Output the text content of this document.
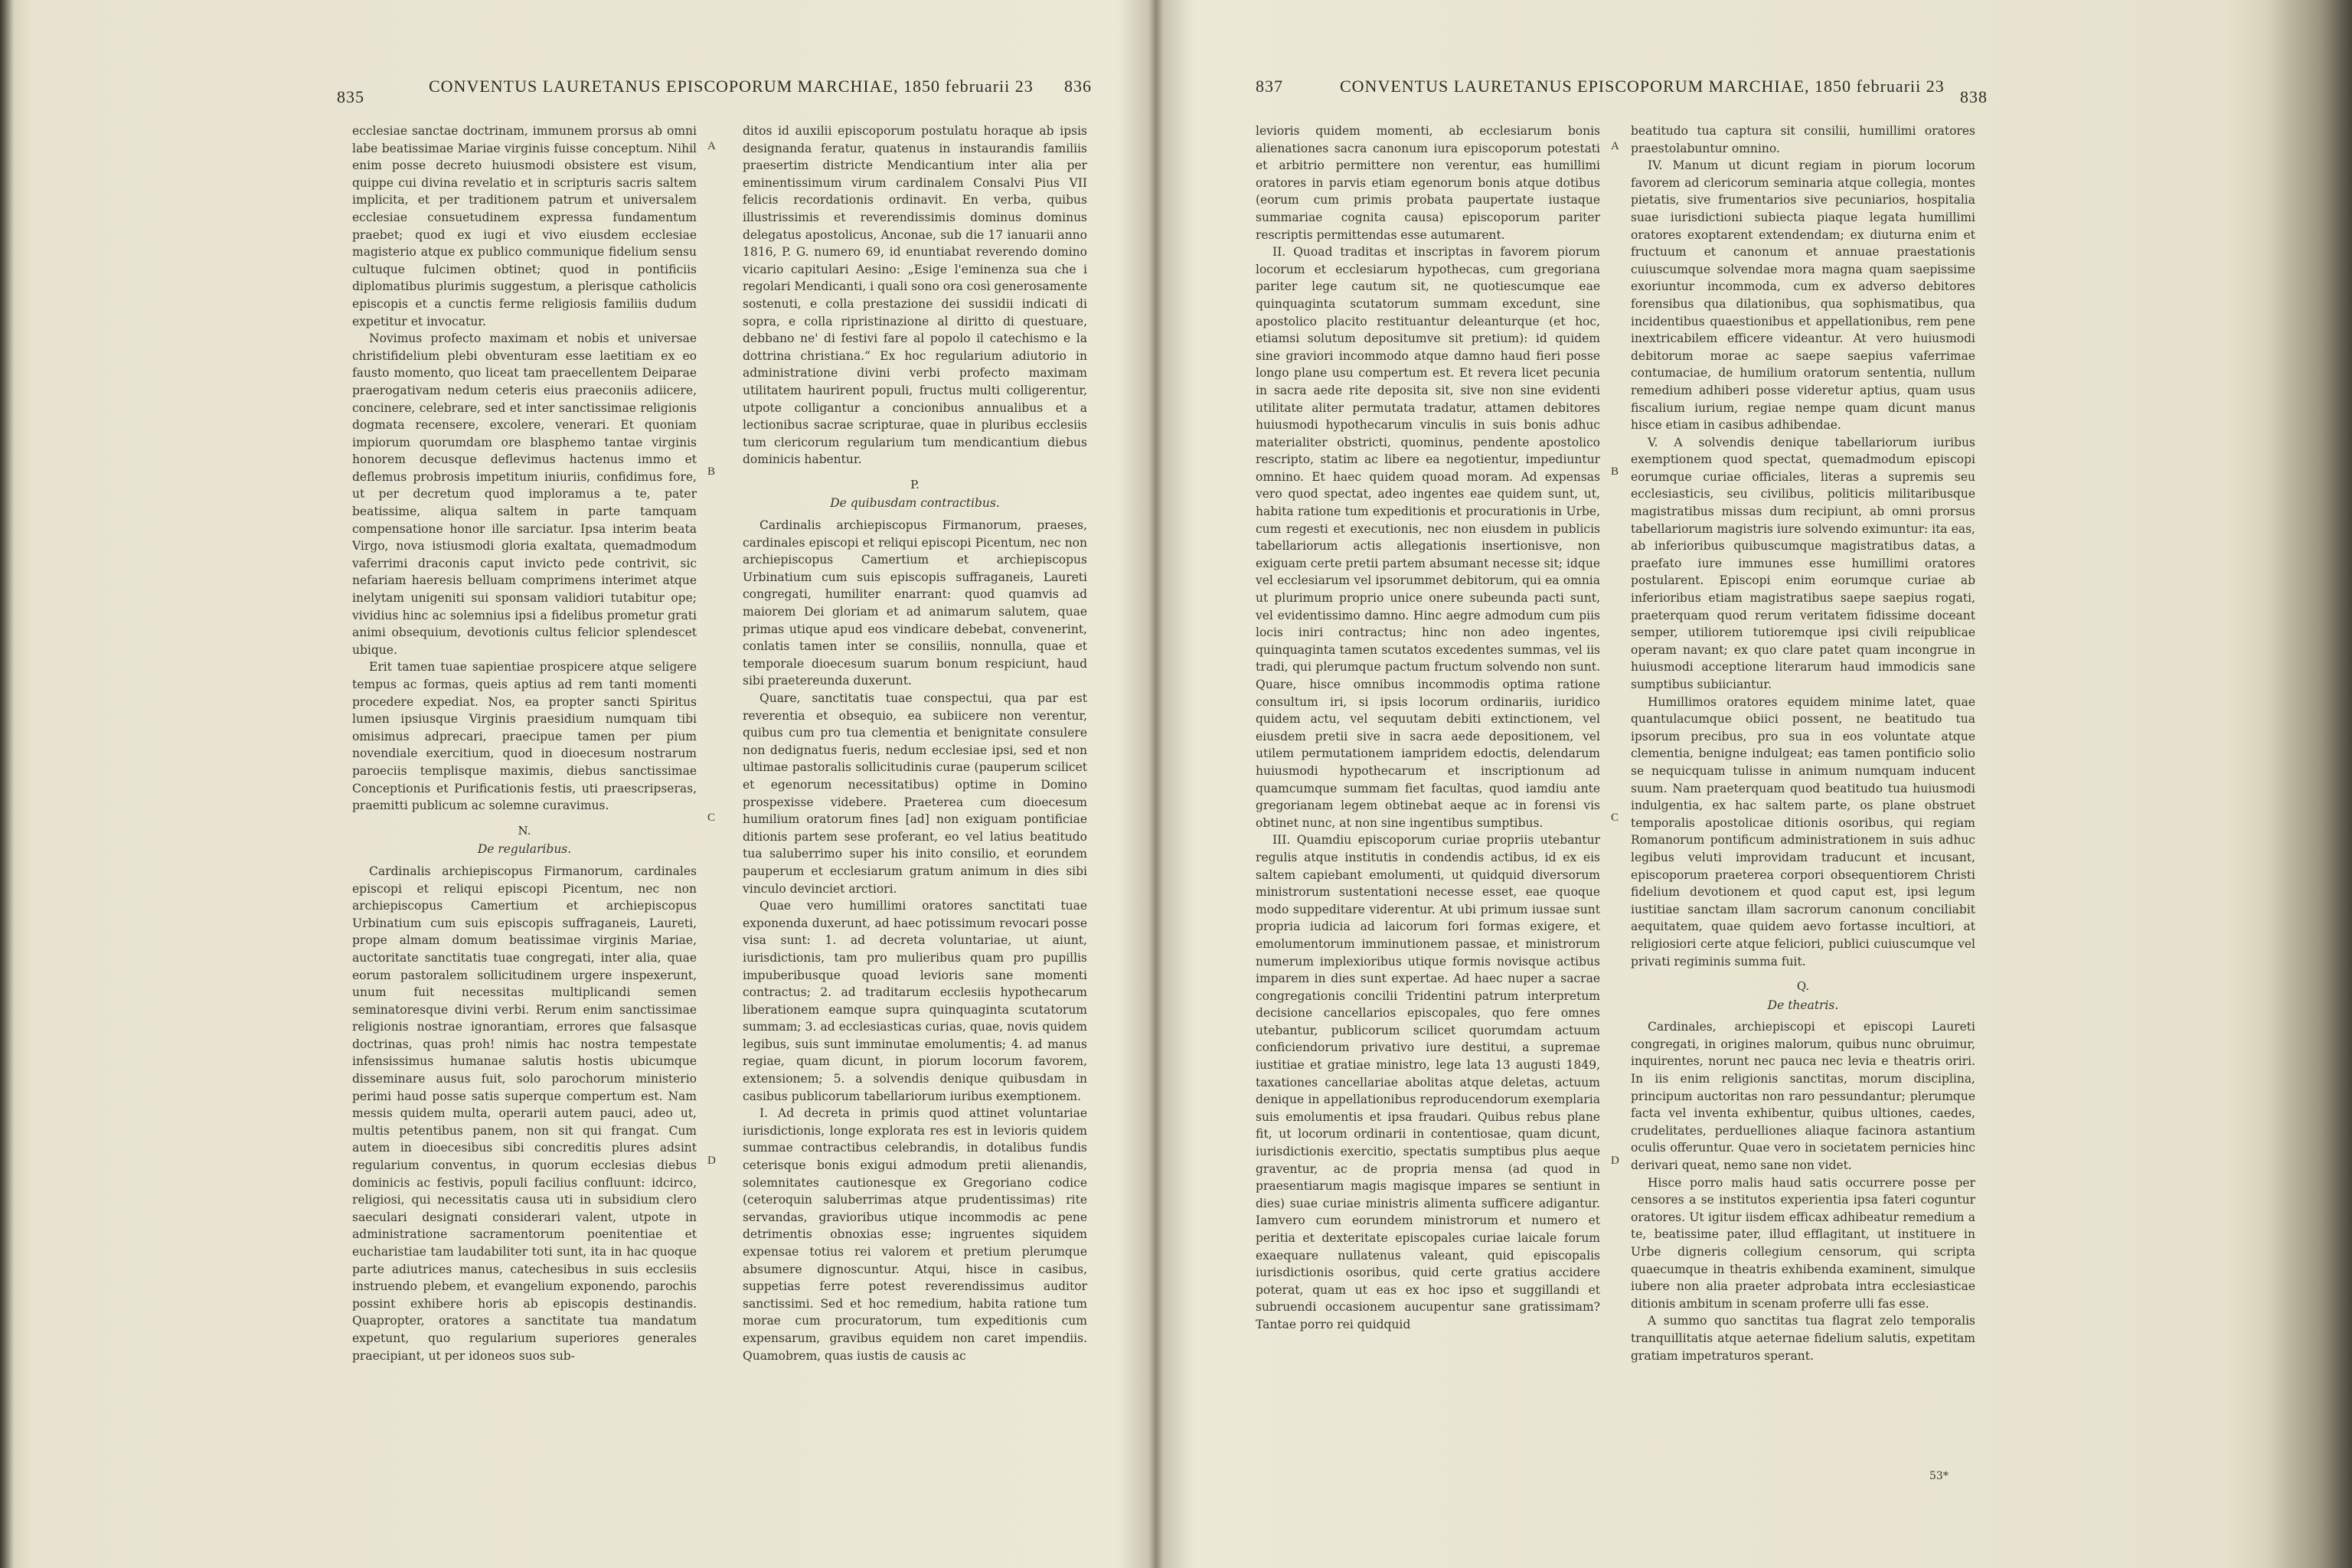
835
CONVENTUS LAURETANUS EPISCOPORUM MARCHIAE, 1850 februarii 23 836

ecclesiae sanctae doctrinam, immunem prorsus ab omni labe beatissimae Mariae virginis fuisse conceptum. Nihil enim posse decreto huiusmodi obsistere est visum, quippe cui divina revelatio et in scripturis sacris saltem implicita, et per traditionem patrum et universalem ecclesiae consuetudinem expressa fundamentum praebet; quod ex iugi et vivo eiusdem ecclesiae magisterio atque ex publico communique fidelium sensu cultuque fulcimen obtinet; quod in pontificiis diplomatibus plurimis suggestum, a plerisque catholicis episcopis et a cunctis ferme religiosis familiis dudum expetitur et invocatur.

Novimus profecto maximam et nobis et universae christifidelium plebi obventuram esse laetitiam ex eo fausto momento, quo liceat tam praecellentem Deiparae praerogativam nedum ceteris eius praeconiis adiicere, concinere, celebrare, sed et inter sanctissimae religionis dogmata recensere, excolere, venerari. Et quoniam impiorum quorumdam ore blasphemo tantae virginis honorem decusque deflevimus hactenus immo et deflemus probrosis impetitum iniuriis, confidimus fore, ut per decretum quod imploramus a te, pater beatissime, aliqua saltem in parte tamquam compensatione honor ille sarciatur. Ipsa interim beata Virgo, nova istiusmodi gloria exaltata, quemadmodum vaferrimi draconis caput invicto pede contrivit, sic nefariam haeresis belluam comprimens interimet atque inelytam unigeniti sui sponsam validiori tutabitur ope; vividius hinc ac solemnius ipsi a fidelibus prometur grati animi obsequium, devotionis cultus felicior splendescet ubique.

Erit tamen tuae sapientiae prospicere atque seligere tempus ac formas, queis aptius ad rem tanti momenti procedere expediat. Nos, ea propter sancti Spiritus lumen ipsiusque Virginis praesidium numquam tibi omisimus adprecari, praecipue tamen per pium novendiale exercitium, quod in dioecesum nostrarum paroeciis templisque maximis, diebus sanctissimae Conceptionis et Purificationis festis, uti praescripseras, praemitti publicum ac solemne curavimus.

N.
De regularibus.

Cardinalis archiepiscopus Firmanorum, cardinales episcopi et reliqui episcopi Picentum, nec non archiepiscopus Camertium et archiepiscopus Urbinatium cum suis episcopis suffraganeis, Laureti, prope almam domum beatissimae virginis Mariae, auctoritate sanctitatis tuae congregati, inter alia, quae eorum pastoralem sollicitudinem urgere inspexerunt, unum fuit necessitas multiplicandi semen seminatoresque divini verbi. Rerum enim sanctissimae religionis nostrae ignorantiam, errores que falsasque doctrinas, quas proh! nimis hac nostra tempestate infensissimus humanae salutis hostis ubicumque disseminare ausus fuit, solo parochorum ministerio perimi haud posse satis superque compertum est. Nam messis quidem multa, operarii autem pauci, adeo ut, multis petentibus panem, non sit qui frangat. Cum autem in dioecesibus sibi concreditis plures adsint regularium conventus, in quorum ecclesias diebus dominicis ac festivis, populi facilius confluunt: idcirco, religiosi, qui necessitatis causa uti in subsidium clero saeculari designati considerari valent, utpote in administratione sacramentorum poenitentiae et eucharistiae tam laudabiliter toti sunt, ita in hac quoque parte adiutrices manus, catechesibus in suis ecclesiis instruendo plebem, et evangelium exponendo, parochis possint exhibere horis ab episcopis destinandis. Quapropter, oratores a sanctitate tua mandatum expetunt, quo regularium superiores generales praecipiant, ut per idoneos suos sub-

ditos id auxilii episcoporum postulatu horaque ab ipsis designanda feratur, quatenus in instaurandis familiis praesertim districte Mendicantium inter alia per eminentissimum virum cardinalem Consalvi Pius VII felicis recordationis ordinavit. En verba, quibus illustrissimis et reverendissimis dominus dominus delegatus apostolicus, Anconae, sub die 17 ianuarii anno 1816, P. G. numero 69, id enuntiabat reverendo domino vicario capitulari Aesino: „Esige l'eminenza sua che i regolari Mendicanti, i quali sono ora così generosamente sostenuti, e colla prestazione dei sussidii indicati di sopra, e colla ripristinazione al diritto di questuare, debbano ne' di festivi fare al popolo il catechismo e la dottrina christiana.“ Ex hoc regularium adiutorio in administratione divini verbi profecto maximam utilitatem haurirent populi, fructus multi colligerentur, utpote colligantur a concionibus annualibus et a lectionibus sacrae scripturae, quae in pluribus ecclesiis tum clericorum regularium tum mendicantium diebus dominicis habentur.

P.
De quibusdam contractibus.

Cardinalis archiepiscopus Firmanorum, praeses, cardinales episcopi et reliqui episcopi Picentum, nec non archiepiscopus Camertium et archiepiscopus Urbinatium cum suis episcopis suffraganeis, Laureti congregati, humiliter enarrant: quod quamvis ad maiorem Dei gloriam et ad animarum salutem, quae primas utique apud eos vindicare debebat, convenerint, conlatis tamen inter se consiliis, nonnulla, quae et temporale dioecesum suarum bonum respiciunt, haud sibi praetereunda duxerunt.

Quare, sanctitatis tuae conspectui, qua par est reverentia et obsequio, ea subiicere non verentur, quibus cum pro tua clementia et benignitate consulere non dedignatus fueris, nedum ecclesiae ipsi, sed et non ultimae pastoralis sollicitudinis curae (pauperum scilicet et egenorum necessitatibus) optime in Domino prospexisse videbere. Praeterea cum dioecesum humilium oratorum fines [ad] non exiguam pontificiae ditionis partem sese proferant, eo vel latius beatitudo tua saluberrimo super his inito consilio, et eorundem pauperum et ecclesiarum gratum animum in dies sibi vinculo devinciet arctiori.

Quae vero humillimi oratores sanctitati tuae exponenda duxerunt, ad haec potissimum revocari posse visa sunt: 1. ad decreta voluntariae, ut aiunt, iurisdictionis, tam pro mulieribus quam pro pupillis impuberibusque quoad levioris sane momenti contractus; 2. ad traditarum ecclesiis hypothecarum liberationem eamque supra quinquaginta scutatorum summam; 3. ad ecclesiasticas curias, quae, novis quidem legibus, suis sunt imminutae emolumentis; 4. ad manus regiae, quam dicunt, in piorum locorum favorem, extensionem; 5. a solvendis denique quibusdam in casibus publicorum tabellariorum iuribus exemptionem.

I. Ad decreta in primis quod attinet voluntariae iurisdictionis, longe explorata res est in levioris quidem summae contractibus celebrandis, in dotalibus fundis ceterisque bonis exigui admodum pretii alienandis, solemnitates cautionesque ex Gregoriano codice (ceteroquin saluberrimas atque prudentissimas) rite servandas, gravioribus utique incommodis ac pene detrimentis obnoxias esse; ingruentes siquidem expensae totius rei valorem et pretium plerumque absumere dignoscuntur. Atqui, hisce in casibus, suppetias ferre potest reverendissimus auditor sanctissimi. Sed et hoc remedium, habita ratione tum morae cum procuratorum, tum expeditionis cum expensarum, gravibus equidem non caret impendiis. Quamobrem, quas iustis de causis ac

A
B
C
D
837	CONVENTUS LAURETANUS EPISCOPORUM MARCHIAE, 1850 februarii 23
838

levioris quidem momenti, ab ecclesiarum bonis alienationes sacra canonum iura episcoporum potestati et arbitrio permittere non verentur, eas humillimi oratores in parvis etiam egenorum bonis atque dotibus (eorum cum primis probata paupertate iustaque summariae cognita causa) episcoporum pariter rescriptis permittendas esse autumarent.

II. Quoad traditas et inscriptas in favorem piorum locorum et ecclesiarum hypothecas, cum gregoriana pariter lege cautum sit, ne quotiescumque eae quinquaginta scutatorum summam excedunt, sine apostolico placito restituantur deleanturque (et hoc, etiamsi solutum depositumve sit pretium): id quidem sine graviori incommodo atque damno haud fieri posse longo plane usu compertum est. Et revera licet pecunia in sacra aede rite deposita sit, sive non sine evidenti utilitate aliter permutata tradatur, attamen debitores huiusmodi hypothecarum vinculis in suis bonis adhuc materialiter obstricti, quominus, pendente apostolico rescripto, statim ac libere ea negotientur, impediuntur omnino. Et haec quidem quoad moram. Ad expensas vero quod spectat, adeo ingentes eae quidem sunt, ut, habita ratione tum expeditionis et procurationis in Urbe, cum regesti et executionis, nec non eiusdem in publicis tabellariorum actis allegationis insertionisve, non exiguam certe pretii partem absumant necesse sit; idque vel ecclesiarum vel ipsorummet debitorum, qui ea omnia ut plurimum proprio unice onere subeunda pacti sunt, vel evidentissimo damno. Hinc aegre admodum cum piis locis iniri contractus; hinc non adeo ingentes, quinquaginta tamen scutatos excedentes summas, vel iis tradi, qui plerumque pactum fructum solvendo non sunt. Quare, hisce omnibus incommodis optima ratione consultum iri, si ipsis locorum ordinariis, iuridico quidem actu, vel sequutam debiti extinctionem, vel eiusdem pretii sive in sacra aede depositionem, vel utilem permutationem iampridem edoctis, delendarum huiusmodi hypothecarum et inscriptionum ad quamcumque summam fiet facultas, quod iamdiu ante gregorianam legem obtinebat aeque ac in forensi vis obtinet nunc, at non sine ingentibus sumptibus.

III. Quamdiu episcoporum curiae propriis utebantur regulis atque institutis in condendis actibus, id ex eis saltem capiebant emolumenti, ut quidquid diversorum ministrorum sustentationi necesse esset, eae quoque modo suppeditare viderentur. At ubi primum iussae sunt propria iudicia ad laicorum fori formas exigere, et emolumentorum imminutionem passae, et ministrorum numerum implexioribus utique formis novisque actibus imparem in dies sunt expertae. Ad haec nuper a sacrae congregationis concilii Tridentini patrum interpretum decisione cancellarios episcopales, quo fere omnes utebantur, publicorum scilicet quorumdam actuum conficiendorum privativo iure destitui, a supremae iustitiae et gratiae ministro, lege lata 13 augusti 1849, taxationes cancellariae abolitas atque deletas, actuum denique in appellationibus reproducendorum exemplaria suis emolumentis et ipsa fraudari. Quibus rebus plane fit, ut locorum ordinarii in contentiosae, quam dicunt, iurisdictionis exercitio, spectatis sumptibus plus aeque graventur, ac de propria mensa (ad quod in praesentiarum magis magisque impares se sentiunt in dies) suae curiae ministris alimenta sufficere adigantur. Iamvero cum eorundem ministrorum et numero et peritia et dexteritate episcopales curiae laicale forum exaequare nullatenus valeant, quid episcopalis iurisdictionis osoribus, quid certe gratius accidere poterat, quam ut eas ex hoc ipso et suggillandi et subruendi occasionem aucupentur sane gratissimam? Tantae porro rei quidquid

beatitudo tua captura sit consilii, humillimi oratores praestolabuntur omnino.

IV. Manum ut dicunt regiam in piorum locorum favorem ad clericorum seminaria atque collegia, montes pietatis, sive frumentarios sive pecuniarios, hospitalia suae iurisdictioni subiecta piaque legata humillimi oratores exoptarent extendendam; ex diuturna enim et fructuum et canonum et annuae praestationis cuiuscumque solvendae mora magna quam saepissime exoriuntur incommoda, cum ex adverso debitores forensibus qua dilationibus, qua sophismatibus, qua incidentibus quaestionibus et appellationibus, rem pene inextricabilem efficere videantur. At vero huiusmodi debitorum morae ac saepe saepius vaferrimae contumaciae, de humilium oratorum sententia, nullum remedium adhiberi posse videretur aptius, quam usus fiscalium iurium, regiae nempe quam dicunt manus hisce etiam in casibus adhibendae.

V. A solvendis denique tabellariorum iuribus exemptionem quod spectat, quemadmodum episcopi eorumque curiae officiales, literas a supremis seu ecclesiasticis, seu civilibus, politicis militaribusque magistratibus missas dum recipiunt, ab omni prorsus tabellariorum magistris iure solvendo eximuntur: ita eas, ab inferioribus quibuscumque magistratibus datas, a praefato iure immunes esse humillimi oratores postularent. Episcopi enim eorumque curiae ab inferioribus etiam magistratibus saepe saepius rogati, praeterquam quod rerum veritatem fidissime doceant semper, utiliorem tutioremque ipsi civili reipublicae operam navant; ex quo clare patet quam incongrue in huiusmodi acceptione literarum haud immodicis sane sumptibus subiiciantur.

Humillimos oratores equidem minime latet, quae quantulacumque obiici possent, ne beatitudo tua ipsorum precibus, pro sua in eos voluntate atque clementia, benigne indulgeat; eas tamen pontificio solio se nequicquam tulisse in animum numquam inducent suum. Nam praeterquam quod beatitudo tua huiusmodi indulgentia, ex hac saltem parte, os plane obstruet temporalis apostolicae ditionis osoribus, qui regiam Romanorum pontificum administrationem in suis adhuc legibus veluti improvidam traducunt et incusant, episcoporum praeterea corpori obsequentiorem Christi fidelium devotionem et quod caput est, ipsi legum iustitiae sanctam illam sacrorum canonum conciliabit aequitatem, quae quidem aevo fortasse incultiori, at religiosiori certe atque feliciori, publici cuiuscumque vel privati regiminis summa fuit.

Q.
De theatris.

Cardinales, archiepiscopi et episcopi Laureti congregati, in origines malorum, quibus nunc obruimur, inquirentes, norunt nec pauca nec levia e theatris oriri. In iis enim religionis sanctitas, morum disciplina, principum auctoritas non raro pessundantur; plerumque facta vel inventa exhibentur, quibus ultiones, caedes, crudelitates, perduelliones aliaque facinora astantium oculis offeruntur. Quae vero in societatem pernicies hinc derivari queat, nemo sane non videt.

Hisce porro malis haud satis occurrere posse per censores a se institutos experientia ipsa fateri coguntur oratores. Ut igitur iisdem efficax adhibeatur remedium a te, beatissime pater, illud efflagitant, ut instituere in Urbe digneris collegium censorum, qui scripta quaecumque in theatris exhibenda examinent, simulque iubere non alia praeter adprobata intra ecclesiasticae ditionis ambitum in scenam proferre ulli fas esse.

A summo quo sanctitas tua flagrat zelo temporalis tranquillitatis atque aeternae fidelium salutis, expetitam gratiam impetraturos sperant.

A
B
C
D
53*
